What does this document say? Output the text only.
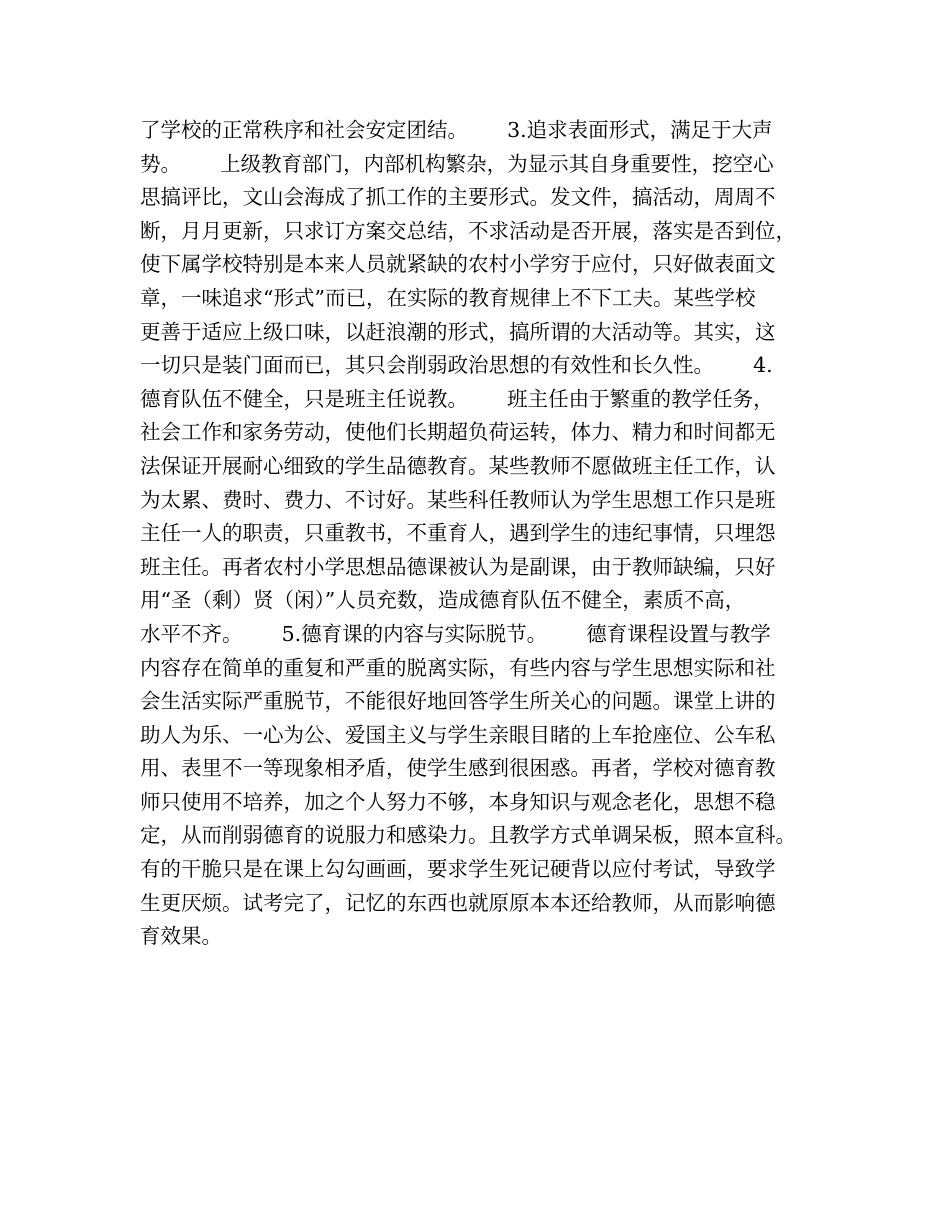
了学校的正常秩序和社会安定团结。      3.追求表面形式，满足于大声
势。      上级教育部门，内部机构繁杂，为显示其自身重要性，挖空心
思搞评比，文山会海成了抓工作的主要形式。发文件，搞活动，周周不
断，月月更新，只求订方案交总结，不求活动是否开展，落实是否到位，
使下属学校特别是本来人员就紧缺的农村小学穷于应付，只好做表面文
章，一味追求“形式”而已，在实际的教育规律上不下工夫。某些学校
更善于适应上级口味，以赶浪潮的形式，搞所谓的大活动等。其实，这
一切只是装门面而已，其只会削弱政治思想的有效性和长久性。      4.
德育队伍不健全，只是班主任说教。      班主任由于繁重的教学任务，
社会工作和家务劳动，使他们长期超负荷运转，体力、精力和时间都无
法保证开展耐心细致的学生品德教育。某些教师不愿做班主任工作，认
为太累、费时、费力、不讨好。某些科任教师认为学生思想工作只是班
主任一人的职责，只重教书，不重育人，遇到学生的违纪事情，只埋怨
班主任。再者农村小学思想品德课被认为是副课，由于教师缺编，只好
用“圣（剩）贤（闲）”人员充数，造成德育队伍不健全，素质不高，
水平不齐。      5.德育课的内容与实际脱节。      德育课程设置与教学
内容存在简单的重复和严重的脱离实际，有些内容与学生思想实际和社
会生活实际严重脱节，不能很好地回答学生所关心的问题。课堂上讲的
助人为乐、一心为公、爱国主义与学生亲眼目睹的上车抢座位、公车私
用、表里不一等现象相矛盾，使学生感到很困惑。再者，学校对德育教
师只使用不培养，加之个人努力不够，本身知识与观念老化，思想不稳
定，从而削弱德育的说服力和感染力。且教学方式单调呆板，照本宣科。
有的干脆只是在课上勾勾画画，要求学生死记硬背以应付考试，导致学
生更厌烦。试考完了，记忆的东西也就原原本本还给教师，从而影响德
育效果。
